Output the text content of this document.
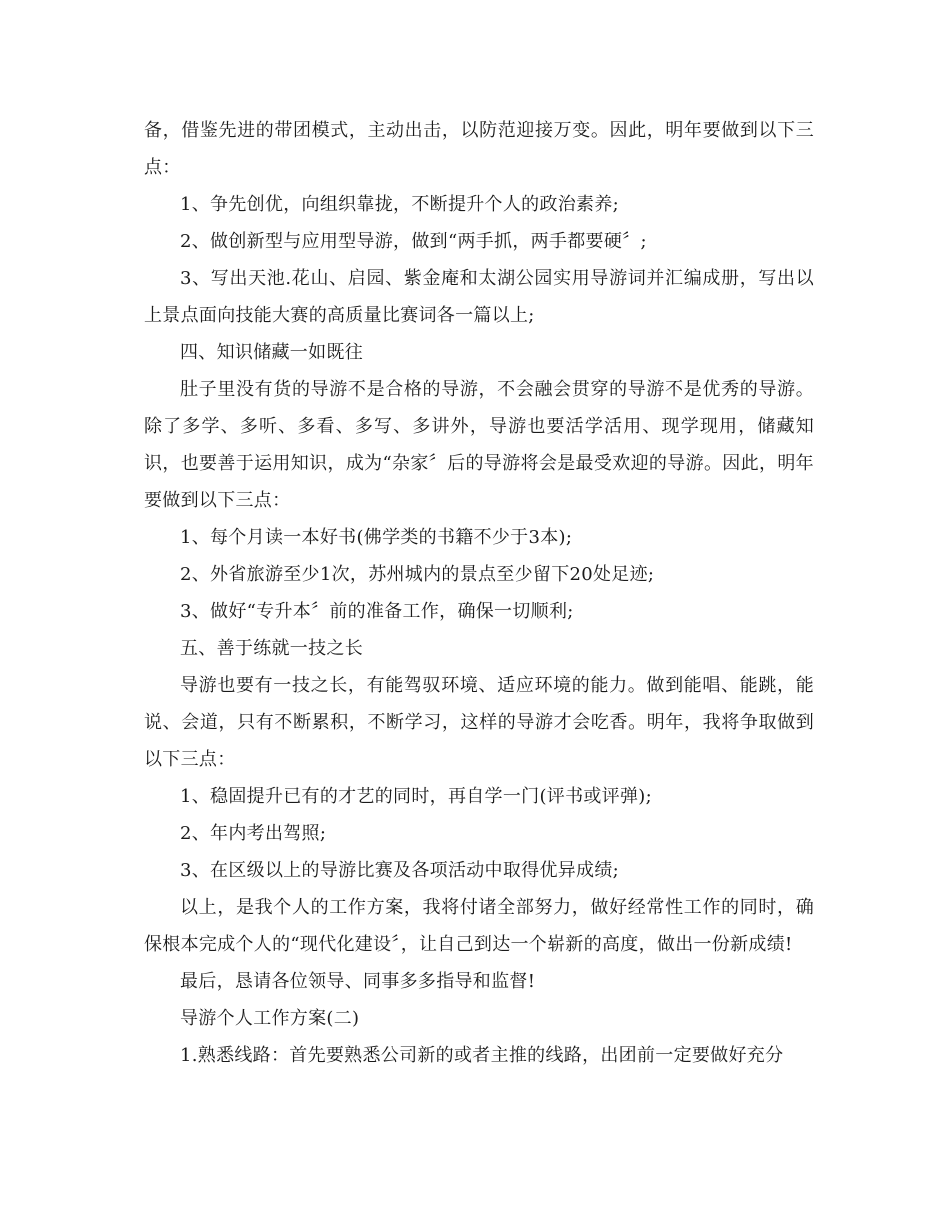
备，借鉴先进的带团模式，主动出击，以防范迎接万变。因此，明年要做到以下三点：

1、争先创优，向组织靠拢，不断提升个人的政治素养;

2、做创新型与应用型导游，做到“两手抓，两手都要硬〞;

3、写出天池.花山、启园、紫金庵和太湖公园实用导游词并汇编成册，写出以上景点面向技能大赛的高质量比赛词各一篇以上;

四、知识储藏一如既往

肚子里没有货的导游不是合格的导游，不会融会贯穿的导游不是优秀的导游。除了多学、多听、多看、多写、多讲外，导游也要活学活用、现学现用，储藏知识，也要善于运用知识，成为“杂家〞后的导游将会是最受欢迎的导游。因此，明年要做到以下三点：

1、每个月读一本好书(佛学类的书籍不少于3本);

2、外省旅游至少1次，苏州城内的景点至少留下20处足迹;

3、做好“专升本〞前的准备工作，确保一切顺利;

五、善于练就一技之长

导游也要有一技之长，有能驾驭环境、适应环境的能力。做到能唱、能跳，能说、会道，只有不断累积，不断学习，这样的导游才会吃香。明年，我将争取做到以下三点：

1、稳固提升已有的才艺的同时，再自学一门(评书或评弹);

2、年内考出驾照;

3、在区级以上的导游比赛及各项活动中取得优异成绩;

以上，是我个人的工作方案，我将付诸全部努力，做好经常性工作的同时，确保根本完成个人的“现代化建设〞，让自己到达一个崭新的高度，做出一份新成绩!

最后，恳请各位领导、同事多多指导和监督!

导游个人工作方案(二)

1.熟悉线路：首先要熟悉公司新的或者主推的线路，出团前一定要做好充分
